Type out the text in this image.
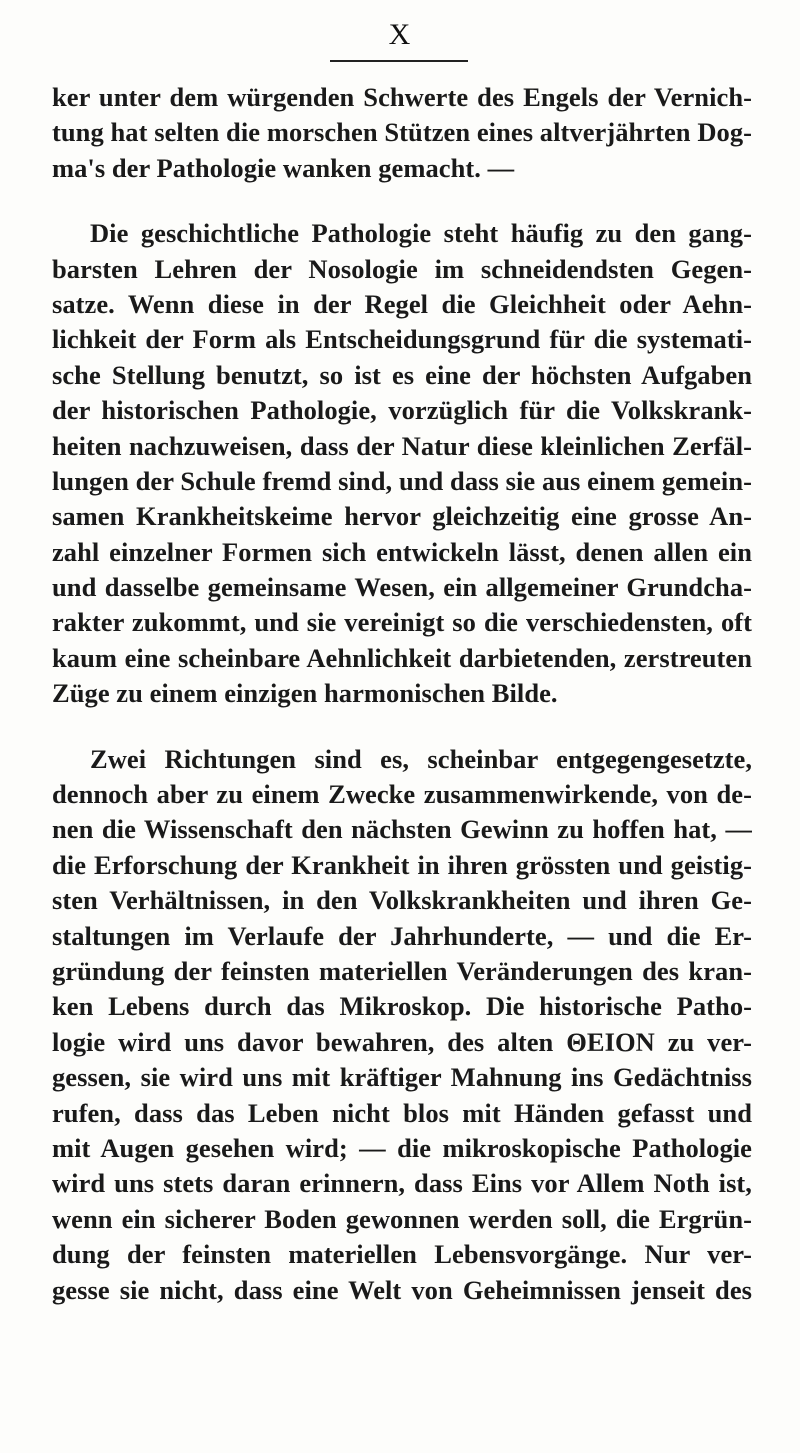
X

ker unter dem würgenden Schwerte des Engels der Vernich-
tung hat selten die morschen Stützen eines altverjährten Dog-
ma's der Pathologie wanken gemacht. —

Die geschichtliche Pathologie steht häufig zu den gang-
barsten Lehren der Nosologie im schneidendsten Gegen-
satze. Wenn diese in der Regel die Gleichheit oder Aehn-
lichkeit der Form als Entscheidungsgrund für die systemati-
sche Stellung benutzt, so ist es eine der höchsten Aufgaben
der historischen Pathologie, vorzüglich für die Volkskrank-
heiten nachzuweisen, dass der Natur diese kleinlichen Zerfäl-
lungen der Schule fremd sind, und dass sie aus einem gemein-
samen Krankheitskeime hervor gleichzeitig eine grosse An-
zahl einzelner Formen sich entwickeln lässt, denen allen ein
und dasselbe gemeinsame Wesen, ein allgemeiner Grundcha-
rakter zukommt, und sie vereinigt so die verschiedensten, oft
kaum eine scheinbare Aehnlichkeit darbietenden, zerstreuten
Züge zu einem einzigen harmonischen Bilde.

Zwei Richtungen sind es, scheinbar entgegengesetzte,
dennoch aber zu einem Zwecke zusammenwirkende, von de-
nen die Wissenschaft den nächsten Gewinn zu hoffen hat, —
die Erforschung der Krankheit in ihren grössten und geistig-
sten Verhältnissen, in den Volkskrankheiten und ihren Ge-
staltungen im Verlaufe der Jahrhunderte, — und die Er-
gründung der feinsten materiellen Veränderungen des kran-
ken Lebens durch das Mikroskop. Die historische Patho-
logie wird uns davor bewahren, des alten ΘΕΙΟΝ zu ver-
gessen, sie wird uns mit kräftiger Mahnung ins Gedächtniss
rufen, dass das Leben nicht blos mit Händen gefasst und
mit Augen gesehen wird; — die mikroskopische Pathologie
wird uns stets daran erinnern, dass Eins vor Allem Noth ist,
wenn ein sicherer Boden gewonnen werden soll, die Ergrün-
dung der feinsten materiellen Lebensvorgänge. Nur ver-
gesse sie nicht, dass eine Welt von Geheimnissen jenseit des
